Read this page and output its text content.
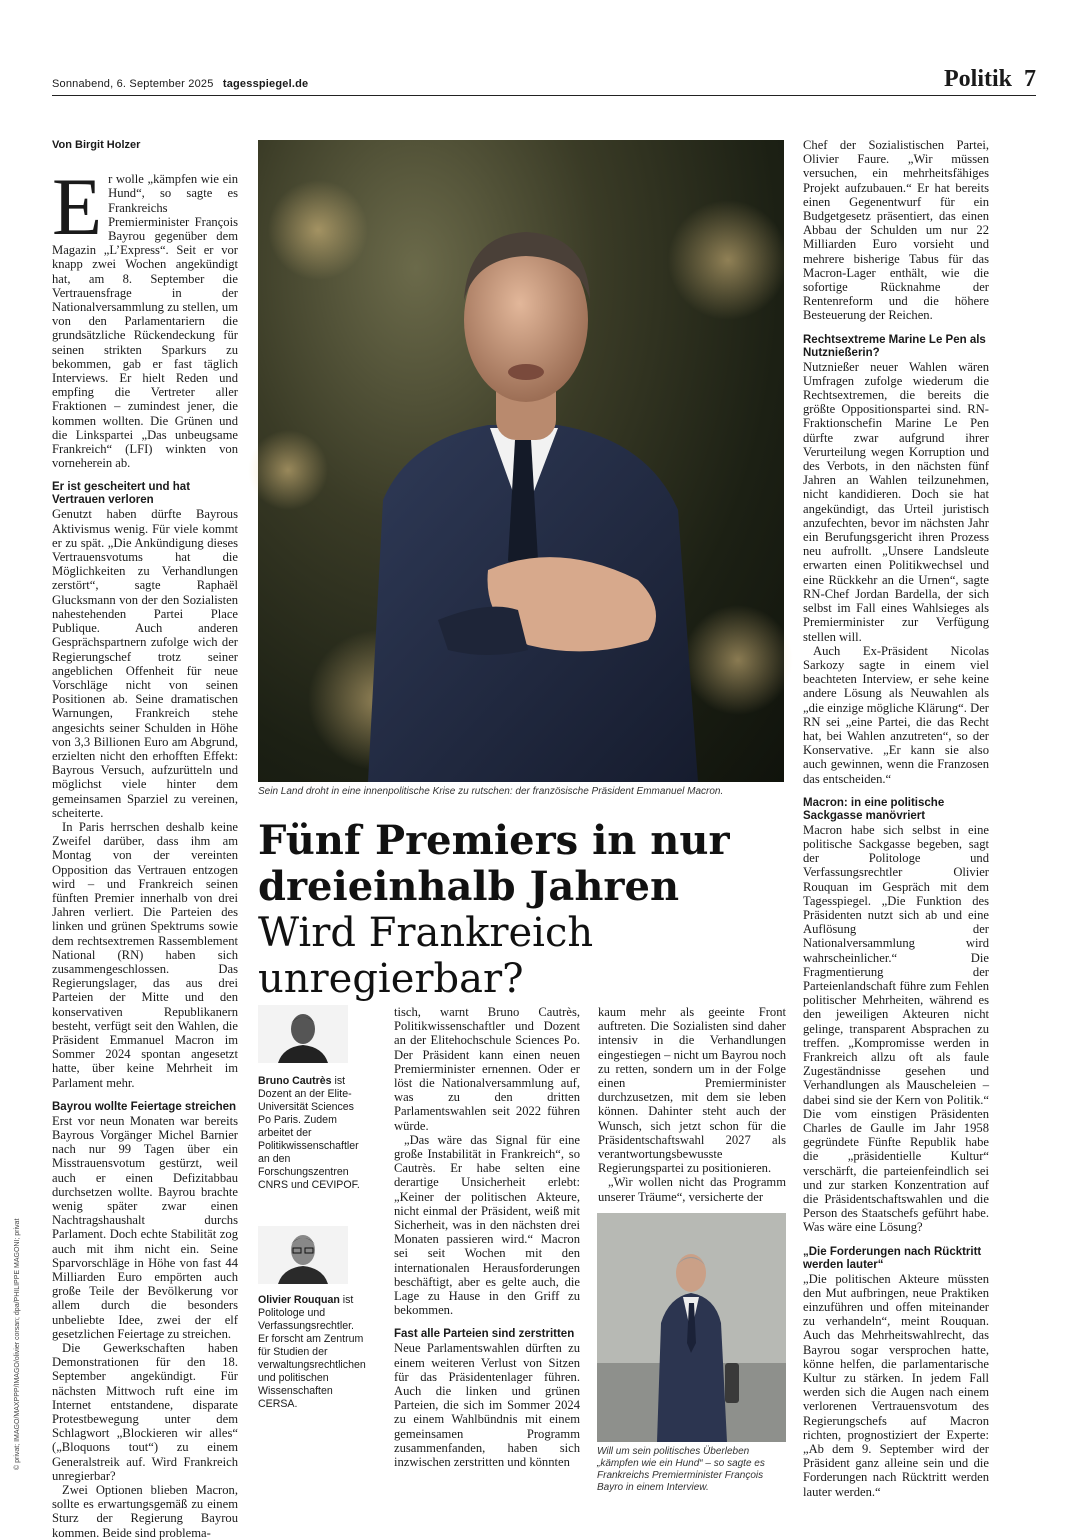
Sonnabend, 6. September 2025 tagesspiegel.de	Politik 7
Von Birgit Holzer
E r wolle „kämpfen wie ein Hund“, so sagte es Frankreichs Premierminister François Bayrou gegenüber dem Magazin „L’Express“. Seit er vor knapp zwei Wochen angekündigt hat, am 8. September die Vertrauensfrage in der Nationalversammlung zu stellen, um von den Parlamentariern die grundsätzliche Rückendeckung für seinen strikten Sparkurs zu bekommen, gab er fast täglich Interviews. Er hielt Reden und empfing die Vertreter aller Fraktionen – zumindest jener, die kommen wollten. Die Grünen und die Linkspartei „Das unbeugsame Frankreich“ (LFI) winkten von vorneherein ab.

Er ist gescheitert und hat Vertrauen verloren

Genutzt haben dürfte Bayrous Aktivismus wenig. Für viele kommt er zu spät. „Die Ankündigung dieses Vertrauensvotums hat die Möglichkeiten zu Verhandlungen zerstört“, sagte Raphaël Glucksmann von der den Sozialisten nahestehenden Partei Place Publique. Auch anderen Gesprächspartnern zufolge wich der Regierungschef trotz seiner angeblichen Offenheit für neue Vorschläge nicht von seinen Positionen ab. Seine dramatischen Warnungen, Frankreich stehe angesichts seiner Schulden in Höhe von 3,3 Billionen Euro am Abgrund, erzielten nicht den erhofften Effekt: Bayrous Versuch, aufzurütteln und möglichst viele hinter dem gemeinsamen Sparziel zu vereinen, scheiterte.

In Paris herrschen deshalb keine Zweifel darüber, dass ihm am Montag von der vereinten Opposition das Vertrauen entzogen wird – und Frankreich seinen fünften Premier innerhalb von drei Jahren verliert. Die Parteien des linken und grünen Spektrums sowie dem rechtsextremen Rassemblement National (RN) haben sich zusammengeschlossen. Das Regierungslager, das aus drei Parteien der Mitte und den konservativen Republikanern besteht, verfügt seit den Wahlen, die Präsident Emmanuel Macron im Sommer 2024 spontan angesetzt hatte, über keine Mehrheit im Parlament mehr.

Bayrou wollte Feiertage streichen

Erst vor neun Monaten war bereits Bayrous Vorgänger Michel Barnier nach nur 99 Tagen über ein Misstrauensvotum gestürzt, weil auch er einen Defizitabbau durchsetzen wollte. Bayrou brachte wenig später zwar einen Nachtragshaushalt durchs Parlament. Doch echte Stabilität zog auch mit ihm nicht ein. Seine Sparvorschläge in Höhe von fast 44 Milliarden Euro empörten auch große Teile der Bevölkerung vor allem durch die besonders unbeliebte Idee, zwei der elf gesetzlichen Feiertage zu streichen.

Die Gewerkschaften haben Demonstrationen für den 18. September angekündigt. Für nächsten Mittwoch ruft eine im Internet entstandene, disparate Protestbewegung unter dem Schlagwort „Blockieren wir alles“ („Bloquons tout“) zu einem Generalstreik auf. Wird Frankreich unregierbar?

Zwei Optionen blieben Macron, sollte es erwartungsgemäß zu einem Sturz der Regierung Bayrou kommen. Beide sind problema-

Sein Land droht in eine innenpolitische Krise zu rutschen: der französische Präsident Emmanuel Macron.
Fünf Premiers in nur dreieinhalb Jahren Wird Frankreich unregierbar?
Bruno Cautrès ist Dozent an der Elite-Universität Sciences Po Paris. Zudem arbeitet der Politikwissenschaftler an den Forschungszentren CNRS und CEVIPOF.
Olivier Rouquan ist Politologe und Verfassungsrechtler. Er forscht am Zentrum für Studien der verwaltungsrechtlichen und politischen Wissenschaften CERSA.

tisch, warnt Bruno Cautrès, Politikwissenschaftler und Dozent an der Elitehochschule Sciences Po. Der Präsident kann einen neuen Premierminister ernennen. Oder er löst die Nationalversammlung auf, was zu den dritten Parlamentswahlen seit 2022 führen würde.

„Das wäre das Signal für eine große Instabilität in Frankreich“, so Cautrès. Er habe selten eine derartige Unsicherheit erlebt: „Keiner der politischen Akteure, nicht einmal der Präsident, weiß mit Sicherheit, was in den nächsten drei Monaten passieren wird.“ Macron sei seit Wochen mit den internationalen Herausforderungen beschäftigt, aber es gelte auch, die Lage zu Hause in den Griff zu bekommen.

Fast alle Parteien sind zerstritten

Neue Parlamentswahlen dürften zu einem weiteren Verlust von Sitzen für das Präsidentenlager führen. Auch die linken und grünen Parteien, die sich im Sommer 2024 zu einem Wahlbündnis mit einem gemeinsamen Programm zusammenfanden, haben sich inzwischen zerstritten und könnten

kaum mehr als geeinte Front auftreten. Die Sozialisten sind daher intensiv in die Verhandlungen eingestiegen – nicht um Bayrou noch zu retten, sondern um in der Folge einen Premierminister durchzusetzen, mit dem sie leben können. Dahinter steht auch der Wunsch, sich jetzt schon für die Präsidentschaftswahl 2027 als verantwortungsbewusste Regierungspartei zu positionieren.

„Wir wollen nicht das Programm unserer Träume“, versicherte der

Will um sein politisches Überleben „kämpfen wie ein Hund“ – so sagte es Frankreichs Premierminister François Bayro in einem Interview.

Chef der Sozialistischen Partei, Olivier Faure. „Wir müssen versuchen, ein mehrheitsfähiges Projekt aufzubauen.“ Er hat bereits einen Gegenentwurf für ein Budgetgesetz präsentiert, das einen Abbau der Schulden um nur 22 Milliarden Euro vorsieht und mehrere bisherige Tabus für das Macron-Lager enthält, wie die sofortige Rücknahme der Rentenreform und die höhere Besteuerung der Reichen.

Rechtsextreme Marine Le Pen als Nutznießerin?

Nutznießer neuer Wahlen wären Umfragen zufolge wiederum die Rechtsextremen, die bereits die größte Oppositionspartei sind. RN-Fraktionschefin Marine Le Pen dürfte zwar aufgrund ihrer Verurteilung wegen Korruption und des Verbots, in den nächsten fünf Jahren an Wahlen teilzunehmen, nicht kandidieren. Doch sie hat angekündigt, das Urteil juristisch anzufechten, bevor im nächsten Jahr ein Berufungsgericht ihren Prozess neu aufrollt. „Unsere Landsleute erwarten einen Politikwechsel und eine Rückkehr an die Urnen“, sagte RN-Chef Jordan Bardella, der sich selbst im Fall eines Wahlsieges als Premierminister zur Verfügung stellen will.

Auch Ex-Präsident Nicolas Sarkozy sagte in einem viel beachteten Interview, er sehe keine andere Lösung als Neuwahlen als „die einzige mögliche Klärung“. Der RN sei „eine Partei, die das Recht hat, bei Wahlen anzutreten“, so der Konservative. „Er kann sie also auch gewinnen, wenn die Franzosen das entscheiden.“

Macron: in eine politische Sackgasse manövriert

Macron habe sich selbst in eine politische Sackgasse begeben, sagt der Politologe und Verfassungsrechtler Olivier Rouquan im Gespräch mit dem Tagesspiegel. „Die Funktion des Präsidenten nutzt sich ab und eine Auflösung der Nationalversammlung wird wahrscheinlicher.“ Die Fragmentierung der Parteienlandschaft führe zum Fehlen politischer Mehrheiten, während es den jeweiligen Akteuren nicht gelinge, transparent Absprachen zu treffen. „Kompromisse werden in Frankreich allzu oft als faule Zugeständnisse gesehen und Verhandlungen als Mauscheleien – dabei sind sie der Kern von Politik.“ Die vom einstigen Präsidenten Charles de Gaulle im Jahr 1958 gegründete Fünfte Republik habe die „präsidentielle Kultur“ verschärft, die parteienfeindlich sei und zur starken Konzentration auf die Präsidentschaftswahlen und die Person des Staatschefs geführt habe. Was wäre eine Lösung?

„Die Forderungen nach Rücktritt werden lauter“

„Die politischen Akteure müssten den Mut aufbringen, neue Praktiken einzuführen und offen miteinander zu verhandeln“, meint Rouquan. Auch das Mehrheitswahlrecht, das Bayrou sogar versprochen hatte, könne helfen, die parlamentarische Kultur zu stärken. In jedem Fall werden sich die Augen nach einem verlorenen Vertrauensvotum des Regierungschefs auf Macron richten, prognostiziert der Experte: „Ab dem 9. September wird der Präsident ganz alleine sein und die Forderungen nach Rücktritt werden lauter werden.“

© privat; IMAGO/MAXPPP/IMAGO/olivier corsan; dpa/PHILIPPE MAGONI; privat
